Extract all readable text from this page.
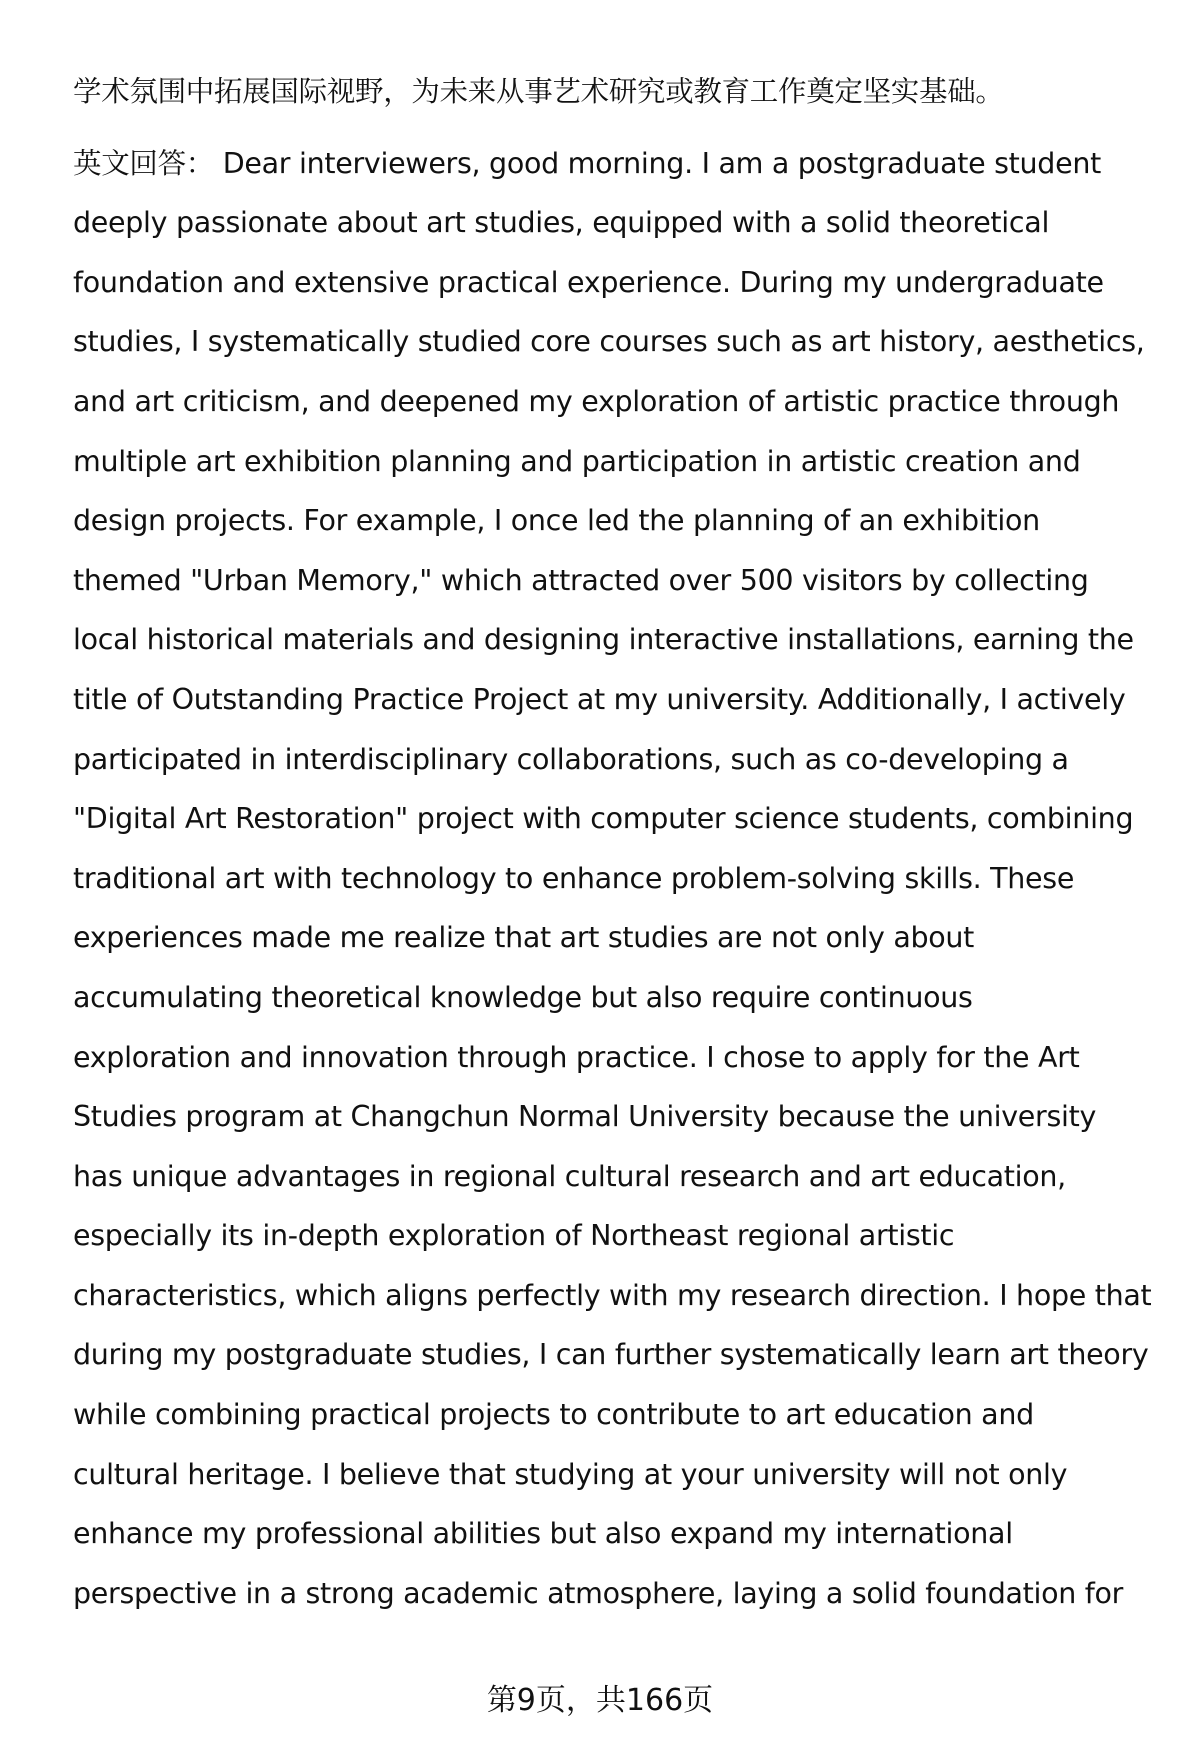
学术氛围中拓展国际视野，为未来从事艺术研究或教育工作奠定坚实基础。
英文回答： Dear interviewers, good morning. I am a postgraduate student
deeply passionate about art studies, equipped with a solid theoretical
foundation and extensive practical experience. During my undergraduate
studies, I systematically studied core courses such as art history, aesthetics,
and art criticism, and deepened my exploration of artistic practice through
multiple art exhibition planning and participation in artistic creation and
design projects. For example, I once led the planning of an exhibition
themed "Urban Memory," which attracted over 500 visitors by collecting
local historical materials and designing interactive installations, earning the
title of Outstanding Practice Project at my university. Additionally, I actively
participated in interdisciplinary collaborations, such as co-developing a
"Digital Art Restoration" project with computer science students, combining
traditional art with technology to enhance problem-solving skills. These
experiences made me realize that art studies are not only about
accumulating theoretical knowledge but also require continuous
exploration and innovation through practice. I chose to apply for the Art
Studies program at Changchun Normal University because the university
has unique advantages in regional cultural research and art education,
especially its in-depth exploration of Northeast regional artistic
characteristics, which aligns perfectly with my research direction. I hope that
during my postgraduate studies, I can further systematically learn art theory
while combining practical projects to contribute to art education and
cultural heritage. I believe that studying at your university will not only
enhance my professional abilities but also expand my international
perspective in a strong academic atmosphere, laying a solid foundation for
第9页，共166页
